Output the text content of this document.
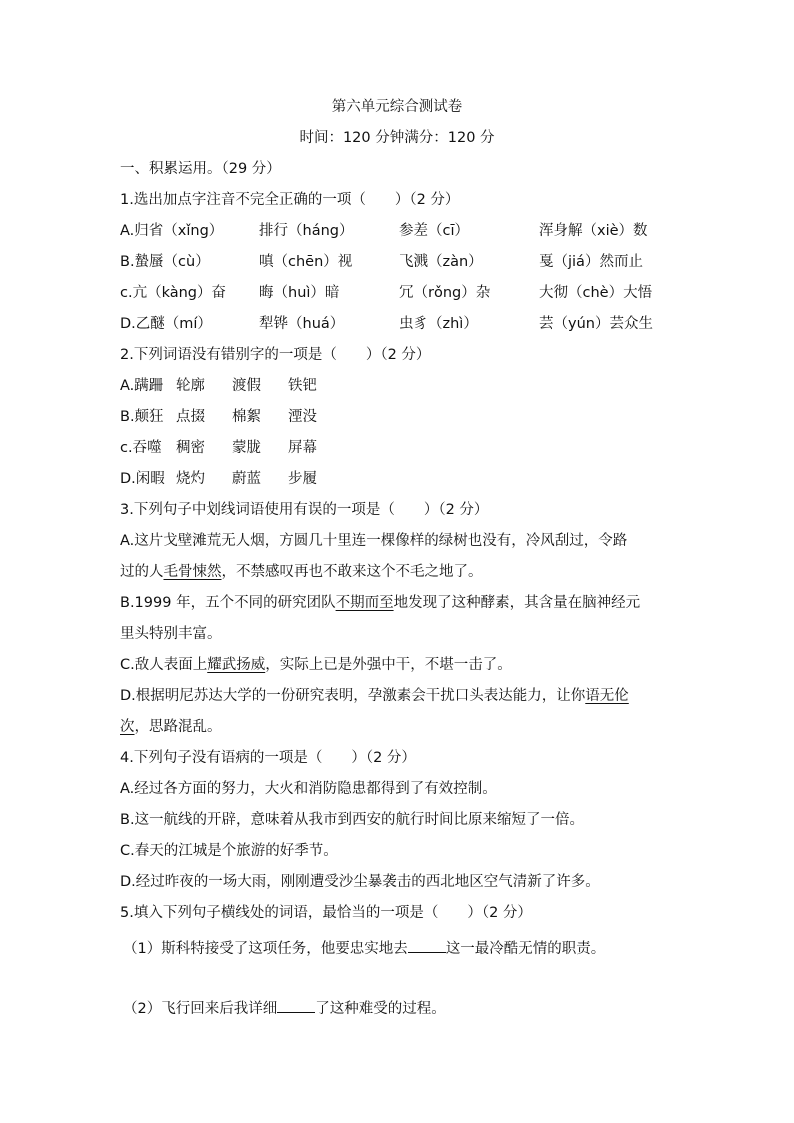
第六单元综合测试卷
时间：120 分钟满分：120 分
一、积累运用。（29 分）
1.选出加点字注音不完全正确的一项（　　）（2 分）
A.归省（xǐng） 排行（háng）	参差（cī）	浑身解（xiè）数
B.蟄蜃（cù）	嗔（chēn）视	飞溅（zàn）	戛（jiá）然而止
c.亢（kàng）奋 晦（huì）暗	冗（rǒng）杂	大彻（chè）大悟
D.乙醚（mí）	犁铧（huá）	虫豸（zhì）	芸（yún）芸众生
2.下列词语没有错别字的一项是（　　）（2 分）
A.蹒跚 轮廓 渡假 铁钯
B.颠狂 点掇 棉絮 湮没
c.吞噬 稠密 蒙胧 屏幕
D.闲暇 烧灼 蔚蓝 步履
3.下列句子中划线词语使用有误的一项是（　　）（2 分）
A.这片戈壁滩荒无人烟，方圆几十里连一棵像样的绿树也没有，冷风刮过，令路
过的人毛骨悚然，不禁感叹再也不敢来这个不毛之地了。
B.1999 年，五个不同的研究团队不期而至地发现了这种酵素，其含量在脑神经元
里头特别丰富。
C.敌人表面上耀武扬威，实际上已是外强中干，不堪一击了。
D.根据明尼苏达大学的一份研究表明，孕激素会干扰口头表达能力，让你语无伦
次，思路混乱。
4.下列句子没有语病的一项是（　　）（2 分）
A.经过各方面的努力，大火和消防隐患都得到了有效控制。
B.这一航线的开辟，意味着从我市到西安的航行时间比原来缩短了一倍。
C.春天的江城是个旅游的好季节。
D.经过昨夜的一场大雨，刚刚遭受沙尘暴袭击的西北地区空气清新了许多。
5.填入下列句子横线处的词语，最恰当的一项是（　　）（2 分）
（1）斯科特接受了这项任务，他要忠实地去	这一最冷酷无情的职责。
（2）飞行回来后我详细	了这种难受的过程。
